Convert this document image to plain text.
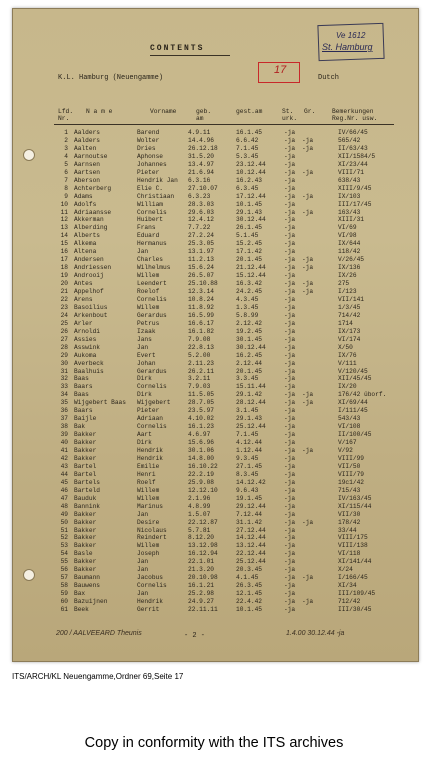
Ve 1612
St. Hamburg
CONTENTS
17
K.L. Hamburg (Neuengamme)	Dutch
Lfd.
Nr.
N a m e	Vorname	geb.
am
gest.am	St.
urk.
Gr.	Bemerkungen
Reg.Nr. usw.
1 Aalders	Barend	4.9.11	16.1.45	-ja	IV/66/45
2 Aalders	Wolter	14.4.96	6.6.42	-ja -ja	565/42
3 Aalten	Dries	26.12.18	7.1.45	-ja -ja	II/63/43
4 Aarnoutse	Aphonse	31.5.20	5.3.45	-ja	XII/1584/5
5 Aarnsen	Johannes	13.4.97	23.12.44	-ja	XI/23/44
6 Aartsen	Pieter	21.6.94	10.12.44	-ja -ja	VIII/71
7 Aberson	Hendrik Jan 6.3.16	16.2.43	-ja	638/43
8 Achterberg	Elie C.	27.10.07	6.3.45	-ja	XIII/9/45
9 Adams	Christiaan 6.3.23	17.12.44	-ja -ja	IX/103
10 Adolfs	William	28.3.03	10.1.45	-ja	III/17/45
11 Adriaansse	Cornelis	29.6.03	29.1.43	-ja -ja	163/43
12 Akkerman	Huibert	12.4.12	30.12.44	-ja	XIII/31
13 Alberding	Frans	7.7.22	26.1.45	-ja	VI/69
14 Alberts	Eduard	27.2.24	5.1.45	-ja	VI/98
15 Alkema	Hermanus	25.3.05	15.2.45	-ja	IX/644
16 Altena	Jan	13.1.97	17.1.42	-ja	118/42
17 Andersen	Charles	11.2.13	20.1.45	-ja -ja	V/26/45
18 Andriessen	Wilhelmus	15.6.24	21.12.44	-ja -ja	IX/136
19 Androoij	Willem	26.5.07	15.12.44	-ja	IX/26
20 Antes	Leendert	25.10.88	16.3.42	-ja -ja	275
21 Appelhof	Roelof	12.3.14	24.2.45	-ja -ja	I/123
22 Arens	Cornelis	10.8.24	4.3.45	-ja	VII/141
23 Basoilius	Willem	11.8.92	1.3.45	-ja	1/3/45
24 Arkenbout	Gerardus	16.5.99	5.8.99	-ja	714/42
25 Arler	Petrus	16.6.17	2.12.42	-ja	1714
26 Arnoldi	Izaak	16.1.82	19.2.45	-ja	IX/173
27 Assies	Jans	7.9.08	30.1.45	-ja	VI/174
28 Asswink	Jan	22.8.13	30.12.44	-ja	X/50
29 Aukoma	Evert	5.2.00	16.2.45	-ja	IX/76
30 Averbeck	Johan	2.11.23	2.12.44	-ja	V/111
31 Baalhuis	Gerardus	26.2.11	20.1.45	-ja	V/120/45
32 Baas	Dirk	3.2.11	3.3.45	-ja	XII/45/45
33 Baars	Cornelis	7.9.03	15.11.44	-ja	IX/20
34 Baas	Dirk	11.5.05	29.1.42	-ja -ja	176/42 üborf.
35 Wijgebert Baas Wijgebert	28.7.05	28.12.44	-ja -ja	XI/69/44
36 Baars	Pieter	23.5.97	3.1.45	-ja	I/111/45
37 Baijle	Adriaan	4.10.02	29.1.43	-ja	543/43
38 Bak	Cornelis	16.1.23	25.12.44	-ja	VI/108
39 Bakker	Aart	4.6.97	7.1.45	-ja	II/100/45
40 Bakker	Dirk	15.6.96	4.12.44	-ja	V/167
41 Bakker	Hendrik	30.1.06	1.12.44	-ja -ja	V/92
42 Bakker	Hendrik	14.8.00	9.3.45	-ja	VIII/99
43 Bartel	Emilie	16.10.22	27.1.45	-ja	VII/50
44 Bartel	Henri	22.2.19	8.3.45	-ja	VIII/79
45 Bartels	Roelf	25.9.08	14.12.42	-ja	19c1/42
46 Barteld	Willem	12.12.10	9.6.43	-ja	715/43
47 Bauduk	Willem	2.1.96	19.1.45	-ja	IV/163/45
48 Bannink	Marinus	4.8.99	29.12.44	-ja	XI/115/44
49 Bakker	Jan	1.5.07	7.12.44	-ja	VII/30
50 Bakker	Desire	22.12.87	31.1.42	-ja -ja	178/42
51 Bakker	Nicolaus	5.7.81	27.12.44	-ja	33/44
52 Bakker	Reindert	8.12.20	14.12.44	-ja	VIII/175
53 Bakker	Willem	13.12.98	13.12.44	-ja	VIII/138
54 Basle	Joseph	16.12.94	22.12.44	-ja	VI/118
55 Bakker	Jan	22.1.01	25.12.44	-ja	XI/141/44
56 Bakker	Jan	21.3.20	20.3.45	-ja	X/24
57 Baumann	Jacobus	20.10.98	4.1.45	-ja -ja	I/166/45
58 Bauwens	Cornelis	16.1.21	26.3.45	-ja	XI/34
59 Bax	Jan	25.2.98	12.1.45	-ja	III/109/45
60 Bazuijnen	Hendrik	24.9.27	22.4.42	-ja -ja	712/42
61 Beek	Gerrit	22.11.11	10.1.45	-ja	III/30/45
200 / AALVEEARD Theunis	- 2 -	1.4.00 30.12.44 -ja
ITS/ARCH/KL Neuengamme,Ordner 69,Seite 17
Copy in conformity with the ITS archives
